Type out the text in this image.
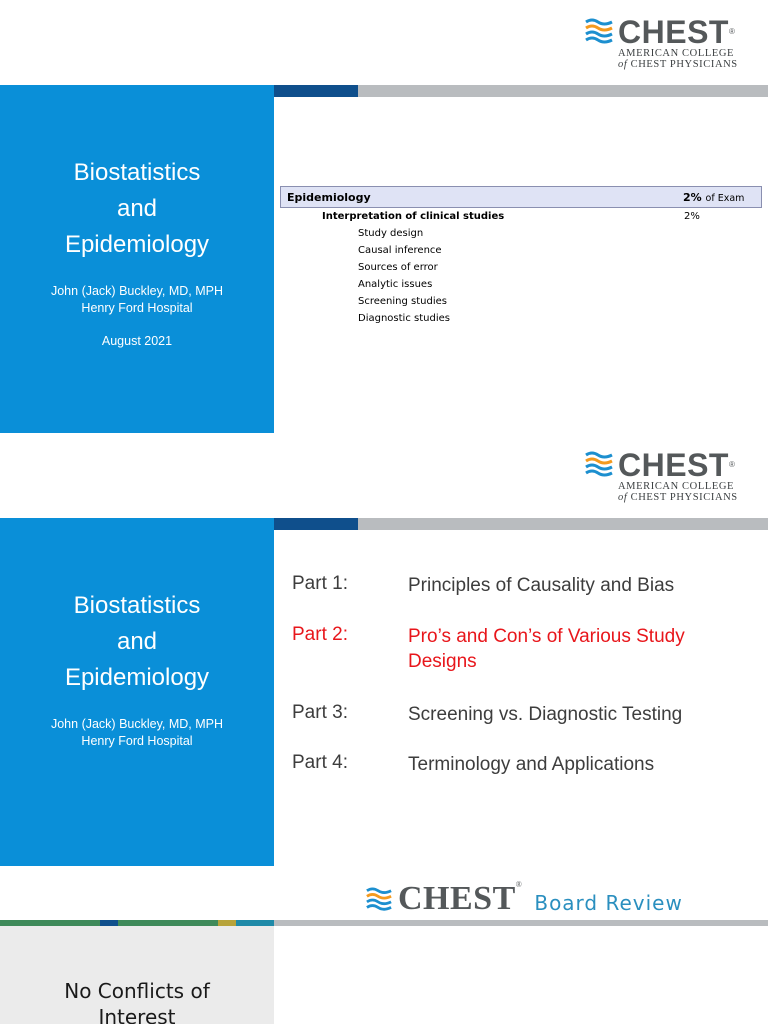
CHEST®
AMERICAN COLLEGE
of CHEST PHYSICIANS
Biostatistics
and
Epidemiology
John (Jack) Buckley, MD, MPH
Henry Ford Hospital
August 2021
Epidemiology	2% of Exam
Interpretation of clinical studies	2%
Study design
Causal inference
Sources of error
Analytic issues
Screening studies
Diagnostic studies
CHEST®
AMERICAN COLLEGE
of CHEST PHYSICIANS
Biostatistics
and
Epidemiology
John (Jack) Buckley, MD, MPH
Henry Ford Hospital
Part 1:	Principles of Causality and Bias
Part 2:	Pro’s and Con’s of Various Study Designs
Part 3:	Screening vs. Diagnostic Testing
Part 4:	Terminology and Applications
CHEST®
Board Review
No Conflicts of
Interest
